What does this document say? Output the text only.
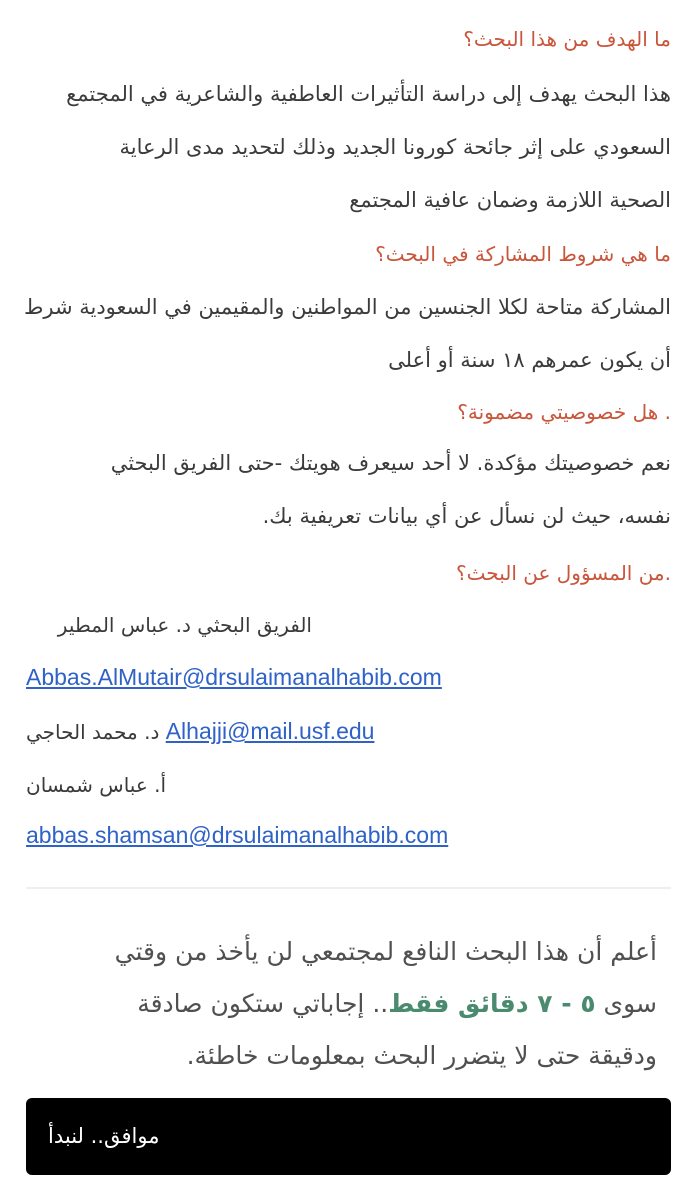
ما الهدف من هذا البحث؟
هذا البحث يهدف إلى دراسة التأثيرات العاطفية والشاعرية في المجتمع
السعودي على إثر جائحة كورونا الجديد وذلك لتحديد مدى الرعاية
الصحية اللازمة وضمان عافية المجتمع
ما هي شروط المشاركة في البحث؟
المشاركة متاحة لكلا الجنسين من المواطنين والمقيمين في السعودية شرط
أن يكون عمرهم ١٨ سنة أو أعلى
. هل خصوصيتي مضمونة؟
نعم خصوصيتك مؤكدة. لا أحد سيعرف هويتك -حتى الفريق البحثي
نفسه، حيث لن نسأل عن أي بيانات تعريفية بك.
.من المسؤول عن البحث؟
الفريق البحثي د. عباس المطير
Abbas.AlMutair@drsulaimanalhabib.com
د. محمد الحاجي Alhajji@mail.usf.edu
أ. عباس شمسان
abbas.shamsan@drsulaimanalhabib.com
أعلم أن هذا البحث النافع لمجتمعي لن يأخذ من وقتي
سوى ٥ - ٧ دقائق فقط.. إجاباتي ستكون صادقة
ودقيقة حتى لا يتضرر البحث بمعلومات خاطئة.
موافق.. لنبدأ
